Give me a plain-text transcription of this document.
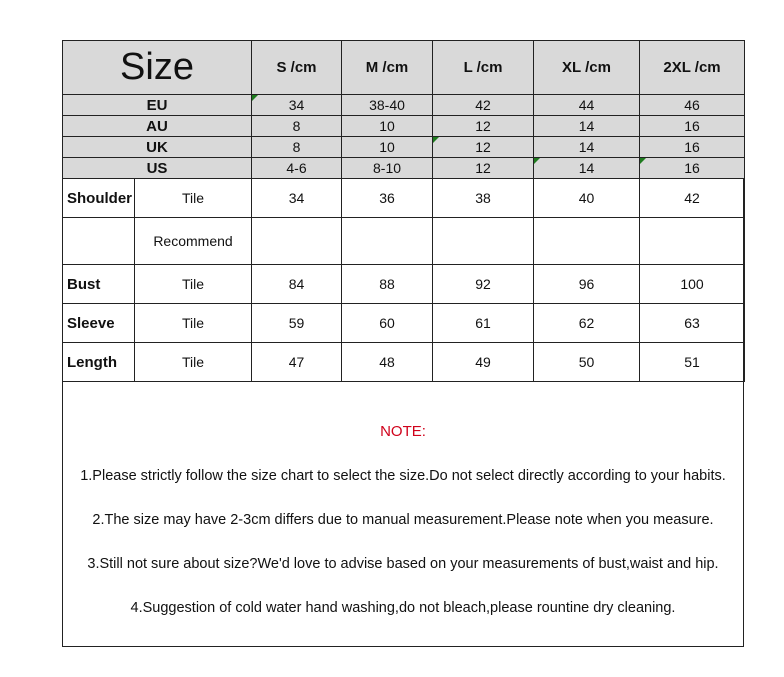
Size		S /cm	M /cm	L /cm	XL /cm	2XL /cm
EU		34	38-40	42	44	46
AU		8	10	12	14	16
UK		8	10	12	14	16
US		4-6	8-10	12	14	16
Shoulder	Tile	34	36	38	40	42
	Recommend					
Bust	Tile	84	88	92	96	100
Sleeve	Tile	59	60	61	62	63
Length	Tile	47	48	49	50	51
NOTE:
1.Please strictly follow the size chart to select the size.Do not select directly according to your habits.
2.The size may have 2-3cm differs due to manual measurement.Please note when you measure.
3.Still not sure about size?We'd love to advise based on your measurements of bust,waist and hip.
4.Suggestion of cold water hand washing,do not bleach,please rountine dry cleaning.
